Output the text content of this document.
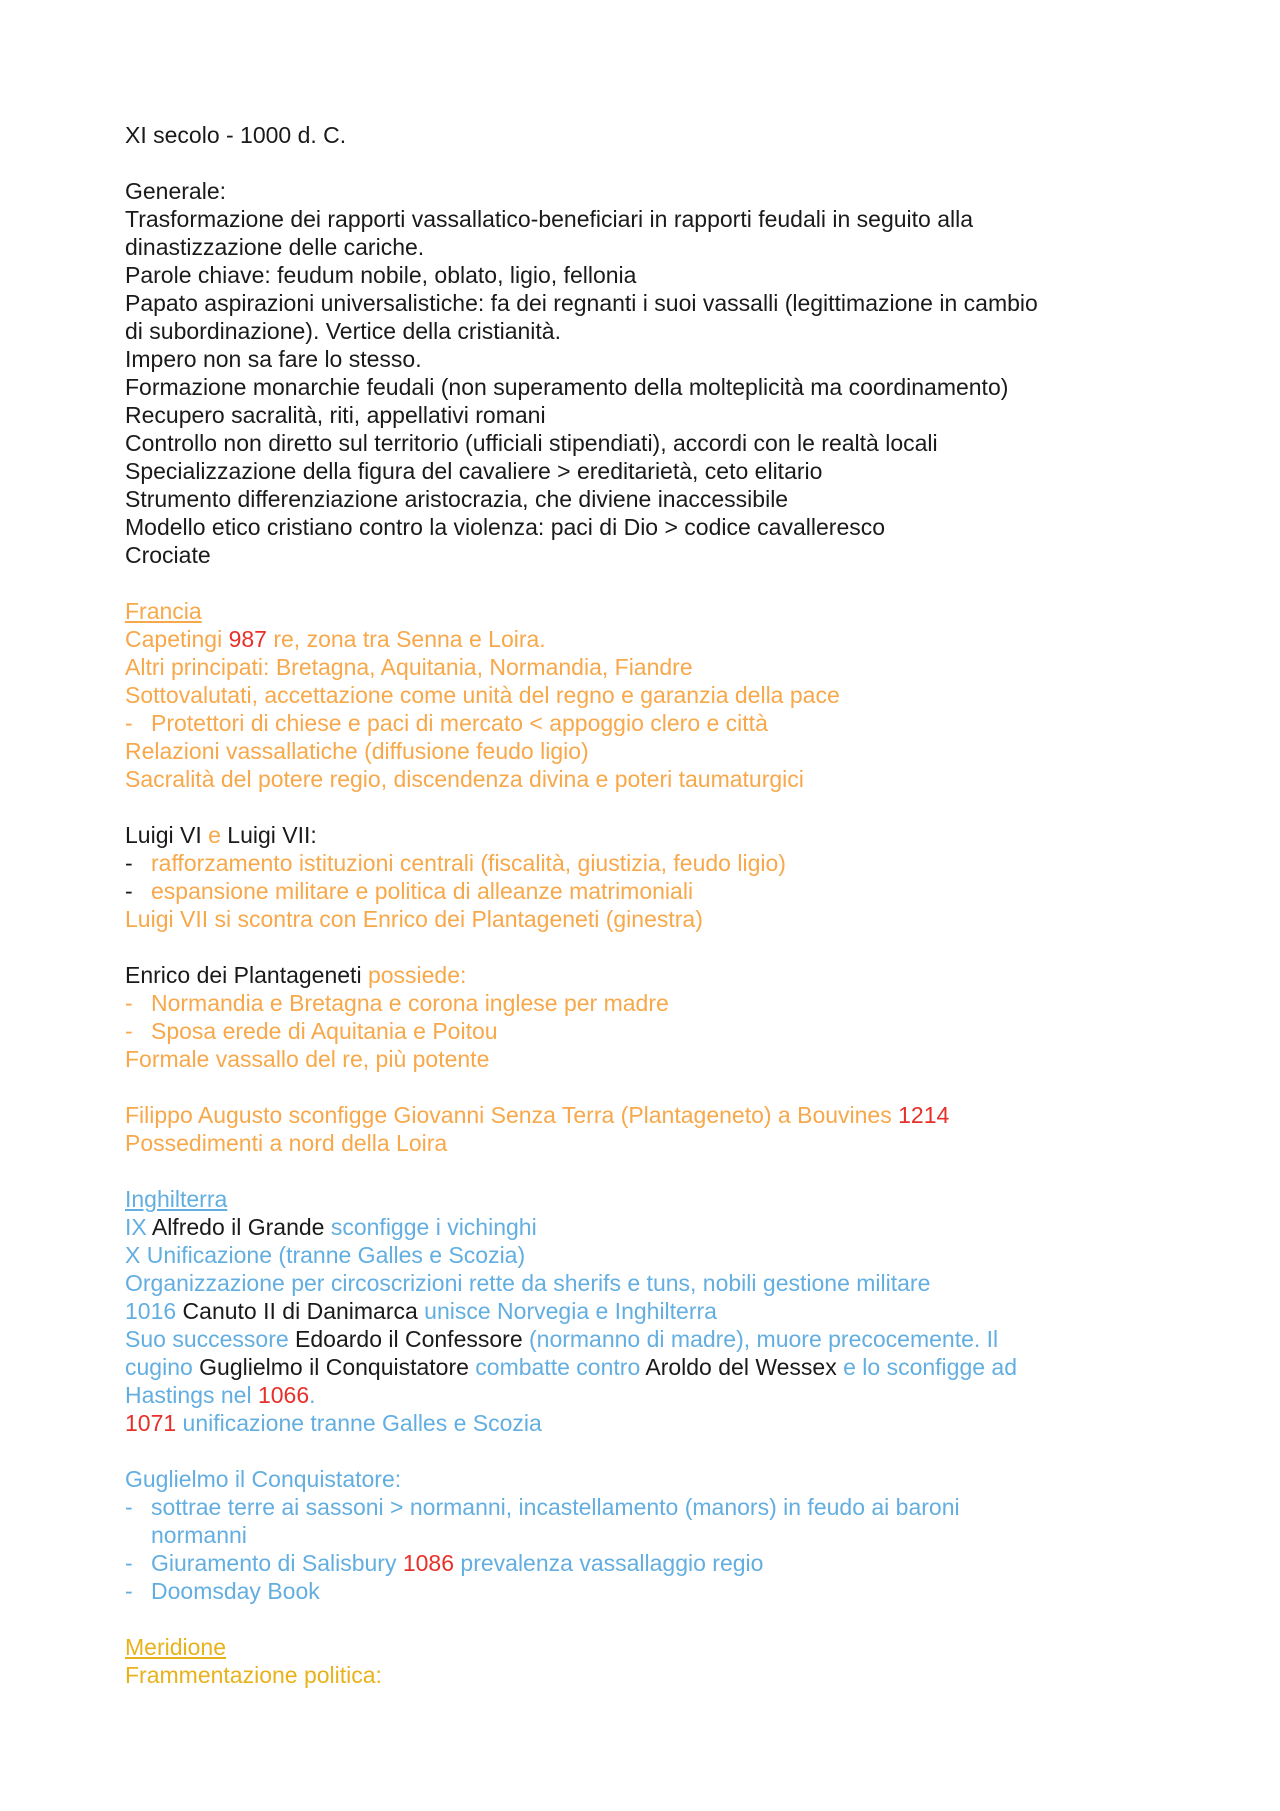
XI secolo - 1000 d. C.
Generale:
Trasformazione dei rapporti vassallatico-beneficiari in rapporti feudali in seguito alla
dinastizzazione delle cariche.
Parole chiave: feudum nobile, oblato, ligio, fellonia
Papato aspirazioni universalistiche: fa dei regnanti i suoi vassalli (legittimazione in cambio
di subordinazione). Vertice della cristianità.
Impero non sa fare lo stesso.
Formazione monarchie feudali (non superamento della molteplicità ma coordinamento)
Recupero sacralità, riti, appellativi romani
Controllo non diretto sul territorio (ufficiali stipendiati), accordi con le realtà locali
Specializzazione della figura del cavaliere > ereditarietà, ceto elitario
Strumento differenziazione aristocrazia, che diviene inaccessibile
Modello etico cristiano contro la violenza: paci di Dio > codice cavalleresco
Crociate
Francia
Capetingi 987 re, zona tra Senna e Loira.
Altri principati: Bretagna, Aquitania, Normandia, Fiandre
Sottovalutati, accettazione come unità del regno e garanzia della pace
- Protettori di chiese e paci di mercato < appoggio clero e città
Relazioni vassallatiche (diffusione feudo ligio)
Sacralità del potere regio, discendenza divina e poteri taumaturgici
Luigi VI e Luigi VII:
- rafforzamento istituzioni centrali (fiscalità, giustizia, feudo ligio)
- espansione militare e politica di alleanze matrimoniali
Luigi VII si scontra con Enrico dei Plantageneti (ginestra)
Enrico dei Plantageneti possiede:
- Normandia e Bretagna e corona inglese per madre
- Sposa erede di Aquitania e Poitou
Formale vassallo del re, più potente
Filippo Augusto sconfigge Giovanni Senza Terra (Plantageneto) a Bouvines 1214
Possedimenti a nord della Loira
Inghilterra
IX Alfredo il Grande sconfigge i vichinghi
X Unificazione (tranne Galles e Scozia)
Organizzazione per circoscrizioni rette da sherifs e tuns, nobili gestione militare
1016 Canuto II di Danimarca unisce Norvegia e Inghilterra
Suo successore Edoardo il Confessore (normanno di madre), muore precocemente. Il
cugino Guglielmo il Conquistatore combatte contro Aroldo del Wessex e lo sconfigge ad
Hastings nel 1066.
1071 unificazione tranne Galles e Scozia
Guglielmo il Conquistatore:
- sottrae terre ai sassoni > normanni, incastellamento (manors) in feudo ai baroni
normanni
- Giuramento di Salisbury 1086 prevalenza vassallaggio regio
- Doomsday Book
Meridione
Frammentazione politica:
